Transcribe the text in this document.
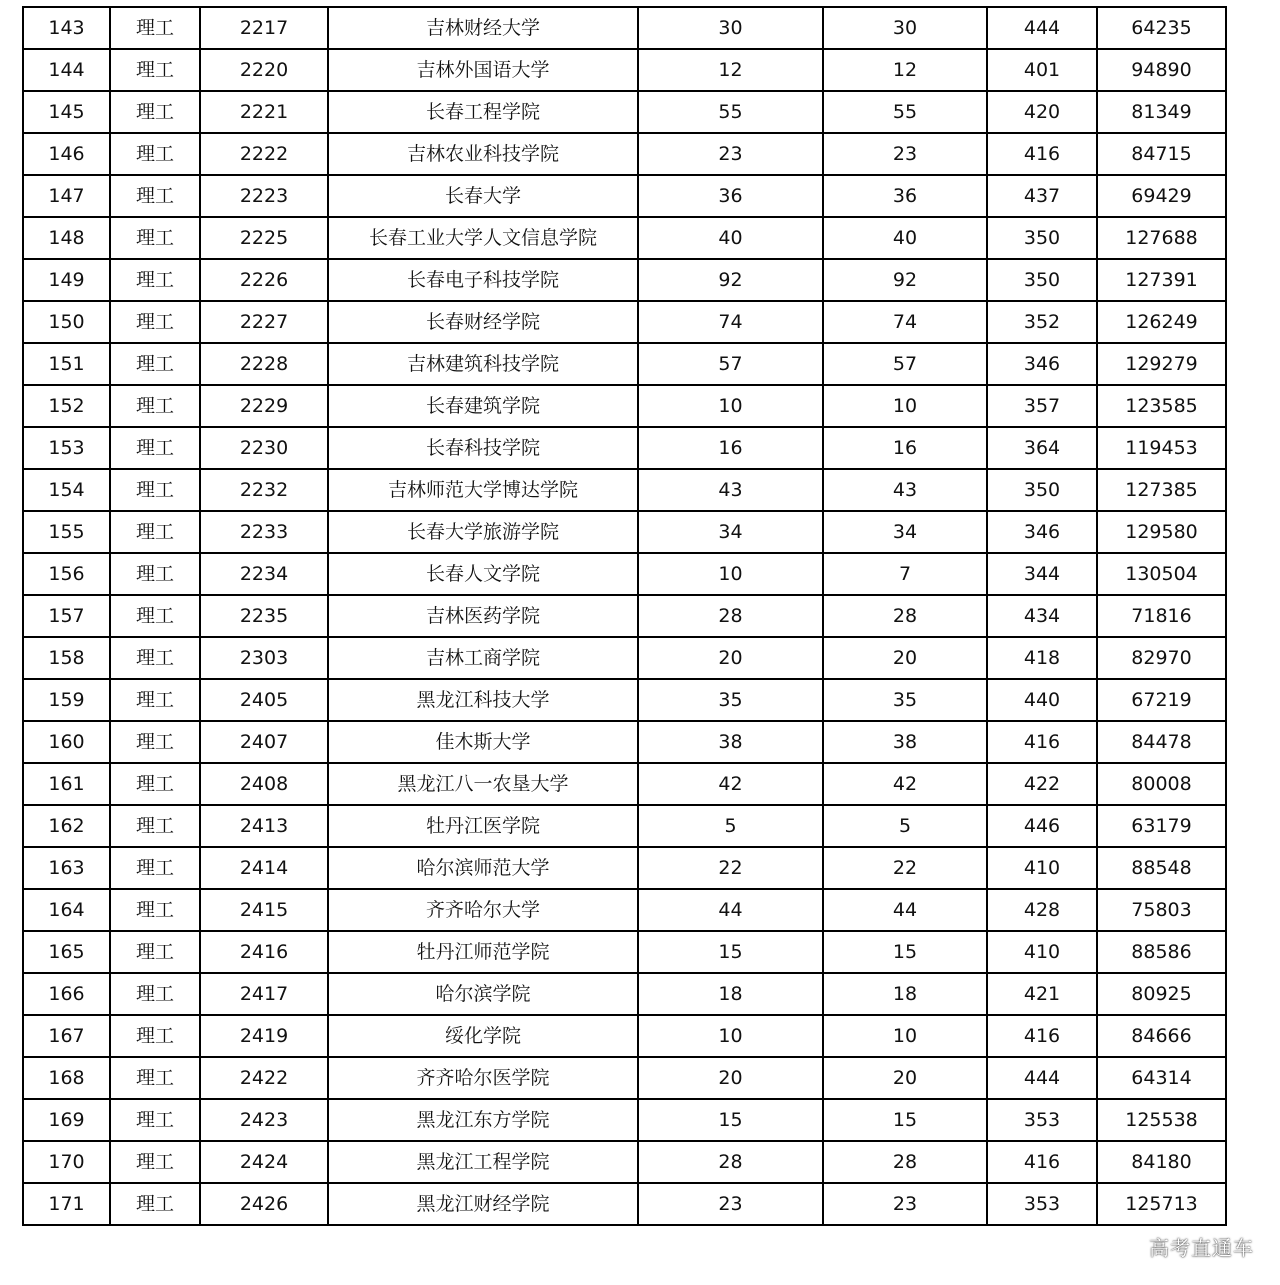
143	理工	2217	吉林财经大学	30	30	444	64235
144	理工	2220	吉林外国语大学	12	12	401	94890
145	理工	2221	长春工程学院	55	55	420	81349
146	理工	2222	吉林农业科技学院	23	23	416	84715
147	理工	2223	长春大学	36	36	437	69429
148	理工	2225	长春工业大学人文信息学院	40	40	350	127688
149	理工	2226	长春电子科技学院	92	92	350	127391
150	理工	2227	长春财经学院	74	74	352	126249
151	理工	2228	吉林建筑科技学院	57	57	346	129279
152	理工	2229	长春建筑学院	10	10	357	123585
153	理工	2230	长春科技学院	16	16	364	119453
154	理工	2232	吉林师范大学博达学院	43	43	350	127385
155	理工	2233	长春大学旅游学院	34	34	346	129580
156	理工	2234	长春人文学院	10	7	344	130504
157	理工	2235	吉林医药学院	28	28	434	71816
158	理工	2303	吉林工商学院	20	20	418	82970
159	理工	2405	黑龙江科技大学	35	35	440	67219
160	理工	2407	佳木斯大学	38	38	416	84478
161	理工	2408	黑龙江八一农垦大学	42	42	422	80008
162	理工	2413	牡丹江医学院	5	5	446	63179
163	理工	2414	哈尔滨师范大学	22	22	410	88548
164	理工	2415	齐齐哈尔大学	44	44	428	75803
165	理工	2416	牡丹江师范学院	15	15	410	88586
166	理工	2417	哈尔滨学院	18	18	421	80925
167	理工	2419	绥化学院	10	10	416	84666
168	理工	2422	齐齐哈尔医学院	20	20	444	64314
169	理工	2423	黑龙江东方学院	15	15	353	125538
170	理工	2424	黑龙江工程学院	28	28	416	84180
171	理工	2426	黑龙江财经学院	23	23	353	125713
高考直通车
